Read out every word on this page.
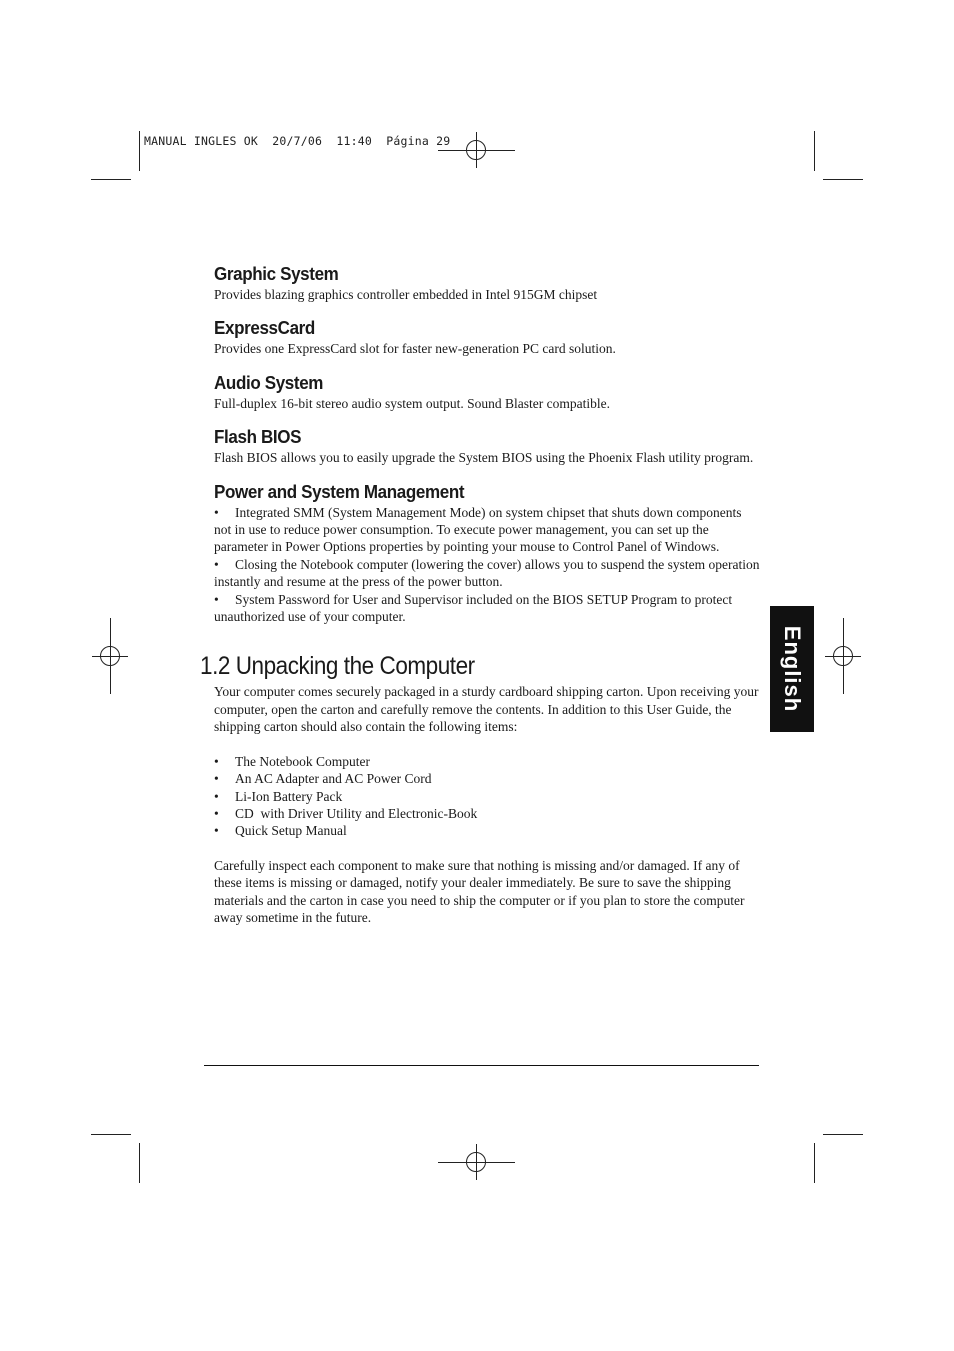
MANUAL INGLES OK  20/7/06  11:40  Página 29
English
Graphic System

Provides blazing graphics controller embedded in Intel 915GM chipset

ExpressCard

Provides one ExpressCard slot for faster new-generation PC card solution.

Audio System

Full-duplex 16-bit stereo audio system output. Sound Blaster compatible.

Flash BIOS

Flash BIOS allows you to easily upgrade the System BIOS using the Phoenix Flash utility program.

Power and System Management

• Integrated SMM (System Management Mode) on system chipset that shuts down components not in use to reduce power consumption. To execute power management, you can set up the parameter in Power Options properties by pointing your mouse to Control Panel of Windows.

• Closing the Notebook computer (lowering the cover) allows you to suspend the system operation instantly and resume at the press of the power button.

• System Password for User and Supervisor included on the BIOS SETUP Program to protect unauthorized use of your computer.

1.2 Unpacking the Computer

Your computer comes securely packaged in a sturdy cardboard shipping carton. Upon receiving your computer, open the carton and carefully remove the contents. In addition to this User Guide, the shipping carton should also contain the following items:

• The Notebook Computer
• An AC Adapter and AC Power Cord
• Li-Ion Battery Pack
• CD  with Driver Utility and Electronic-Book
• Quick Setup Manual

Carefully inspect each component to make sure that nothing is missing and/or damaged. If any of these items is missing or damaged, notify your dealer immediately. Be sure to save the shipping materials and the carton in case you need to ship the computer or if you plan to store the computer away sometime in the future.
